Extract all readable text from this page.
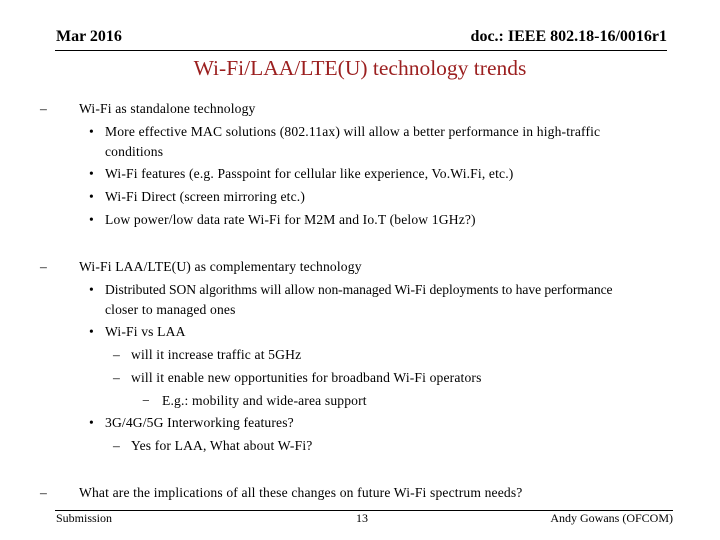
Mar 2016	doc.: IEEE 802.18-16/0016r1
Wi-Fi/LAA/LTE(U) technology trends
– Wi-Fi as standalone technology
• More effective MAC solutions (802.11ax) will allow a better performance in high-traffic
conditions
• Wi-Fi features (e.g. Passpoint for cellular like experience, Vo.Wi.Fi, etc.)
• Wi-Fi Direct (screen mirroring etc.)
• Low power/low data rate Wi-Fi for M2M and Io.T (below 1GHz?)
– Wi-Fi LAA/LTE(U) as complementary technology
• Distributed SON algorithms will allow non-managed Wi-Fi deployments to have performance
closer to managed ones
• Wi-Fi vs LAA
– will it increase traffic at 5GHz
– will it enable new opportunities for broadband Wi-Fi operators
− E.g.: mobility and wide-area support
• 3G/4G/5G Interworking features?
– Yes for LAA, What about W-Fi?
– What are the implications of all these changes on future Wi-Fi spectrum needs?
Submission	13	Andy Gowans (OFCOM)
